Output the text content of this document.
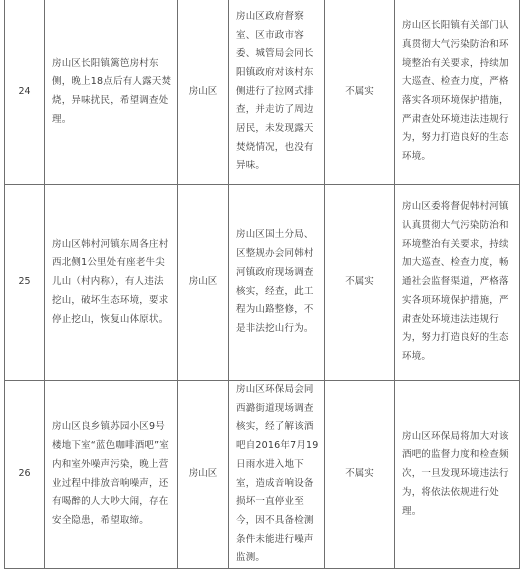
24	房山区长阳镇篱笆房村东侧，晚上18点后有人露天焚烧，异味扰民，希望调查处理。	房山区	房山区政府督察室、区市政市容委、城管局会同长阳镇政府对该村东侧进行了拉网式排查，并走访了周边居民，未发现露天焚烧情况，也没有异味。	不属实	房山区长阳镇有关部门认真贯彻大气污染防治和环境整治有关要求，持续加大巡查、检查力度，严格落实各项环境保护措施，严肃查处环境违法违规行为，努力打造良好的生态环境。

25	房山区韩村河镇东周各庄村西北侧1公里处有座老牛尖儿山（村内称），有人违法挖山，破坏生态环境，要求停止挖山，恢复山体原状。	房山区	房山区国土分局、区整规办会同韩村河镇政府现场调查核实，经查，此工程为山路整修，不是非法挖山行为。	不属实	房山区委将督促韩村河镇认真贯彻大气污染防治和环境整治有关要求，持续加大巡查、检查力度，畅通社会监督渠道，严格落实各项环境保护措施，严肃查处环境违法违规行为，努力打造良好的生态环境。

26	房山区良乡镇苏园小区9号楼地下室“蓝色咖啡酒吧”室内和室外噪声污染，晚上营业过程中排放音响噪声，还有喝醉的人大吵大闹，存在安全隐患，希望取缔。	房山区	房山区环保局会同西潞街道现场调查核实，经了解该酒吧自2016年7月19日雨水进入地下室，造成音响设备损坏一直停业至今，因不具备检测条件未能进行噪声监测。	不属实	房山区环保局将加大对该酒吧的监督力度和检查频次，一旦发现环境违法行为，将依法依规进行处理。
